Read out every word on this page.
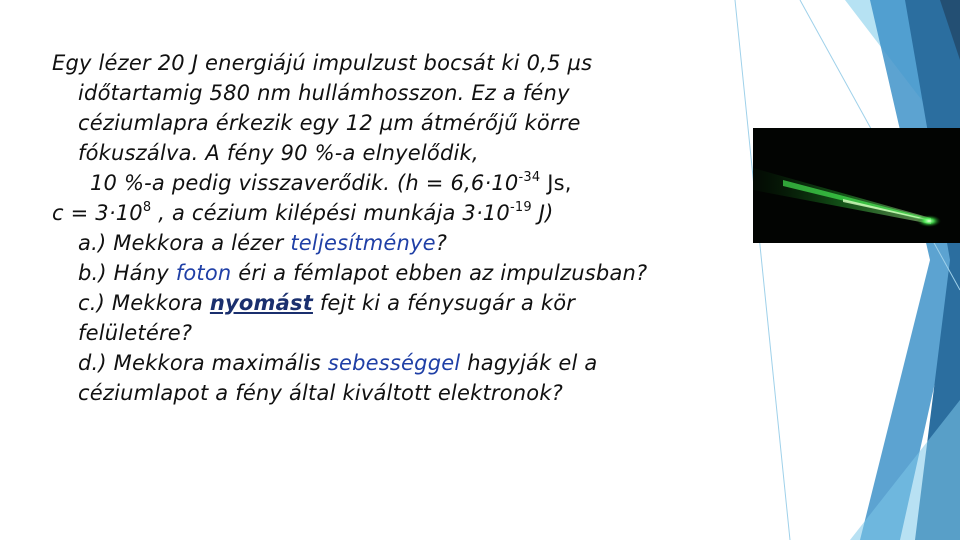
Egy lézer 20 J energiájú impulzust bocsát ki 0,5 µs
időtartamig 580 nm hullámhosszon. Ez a fény
céziumlapra érkezik egy 12 µm átmérőjű körre
fókuszálva. A fény 90 %-a elnyelődik,
10 %-a pedig visszaverődik. ($h = 6,6\cdot 10^{-34}$ Js,
$c = 3\cdot 10^8$ , a cézium kilépési munkája $3\cdot 10^{-19}$ J)
a.) Mekkora a lézer teljesítménye?
b.) Hány foton éri a fémlapot ebben az impulzusban?
c.) Mekkora nyomást fejt ki a fénysugár a kör
felületére?
d.) Mekkora maximális sebességgel hagyják el a
céziumlapot a fény által kiváltott elektronok?
